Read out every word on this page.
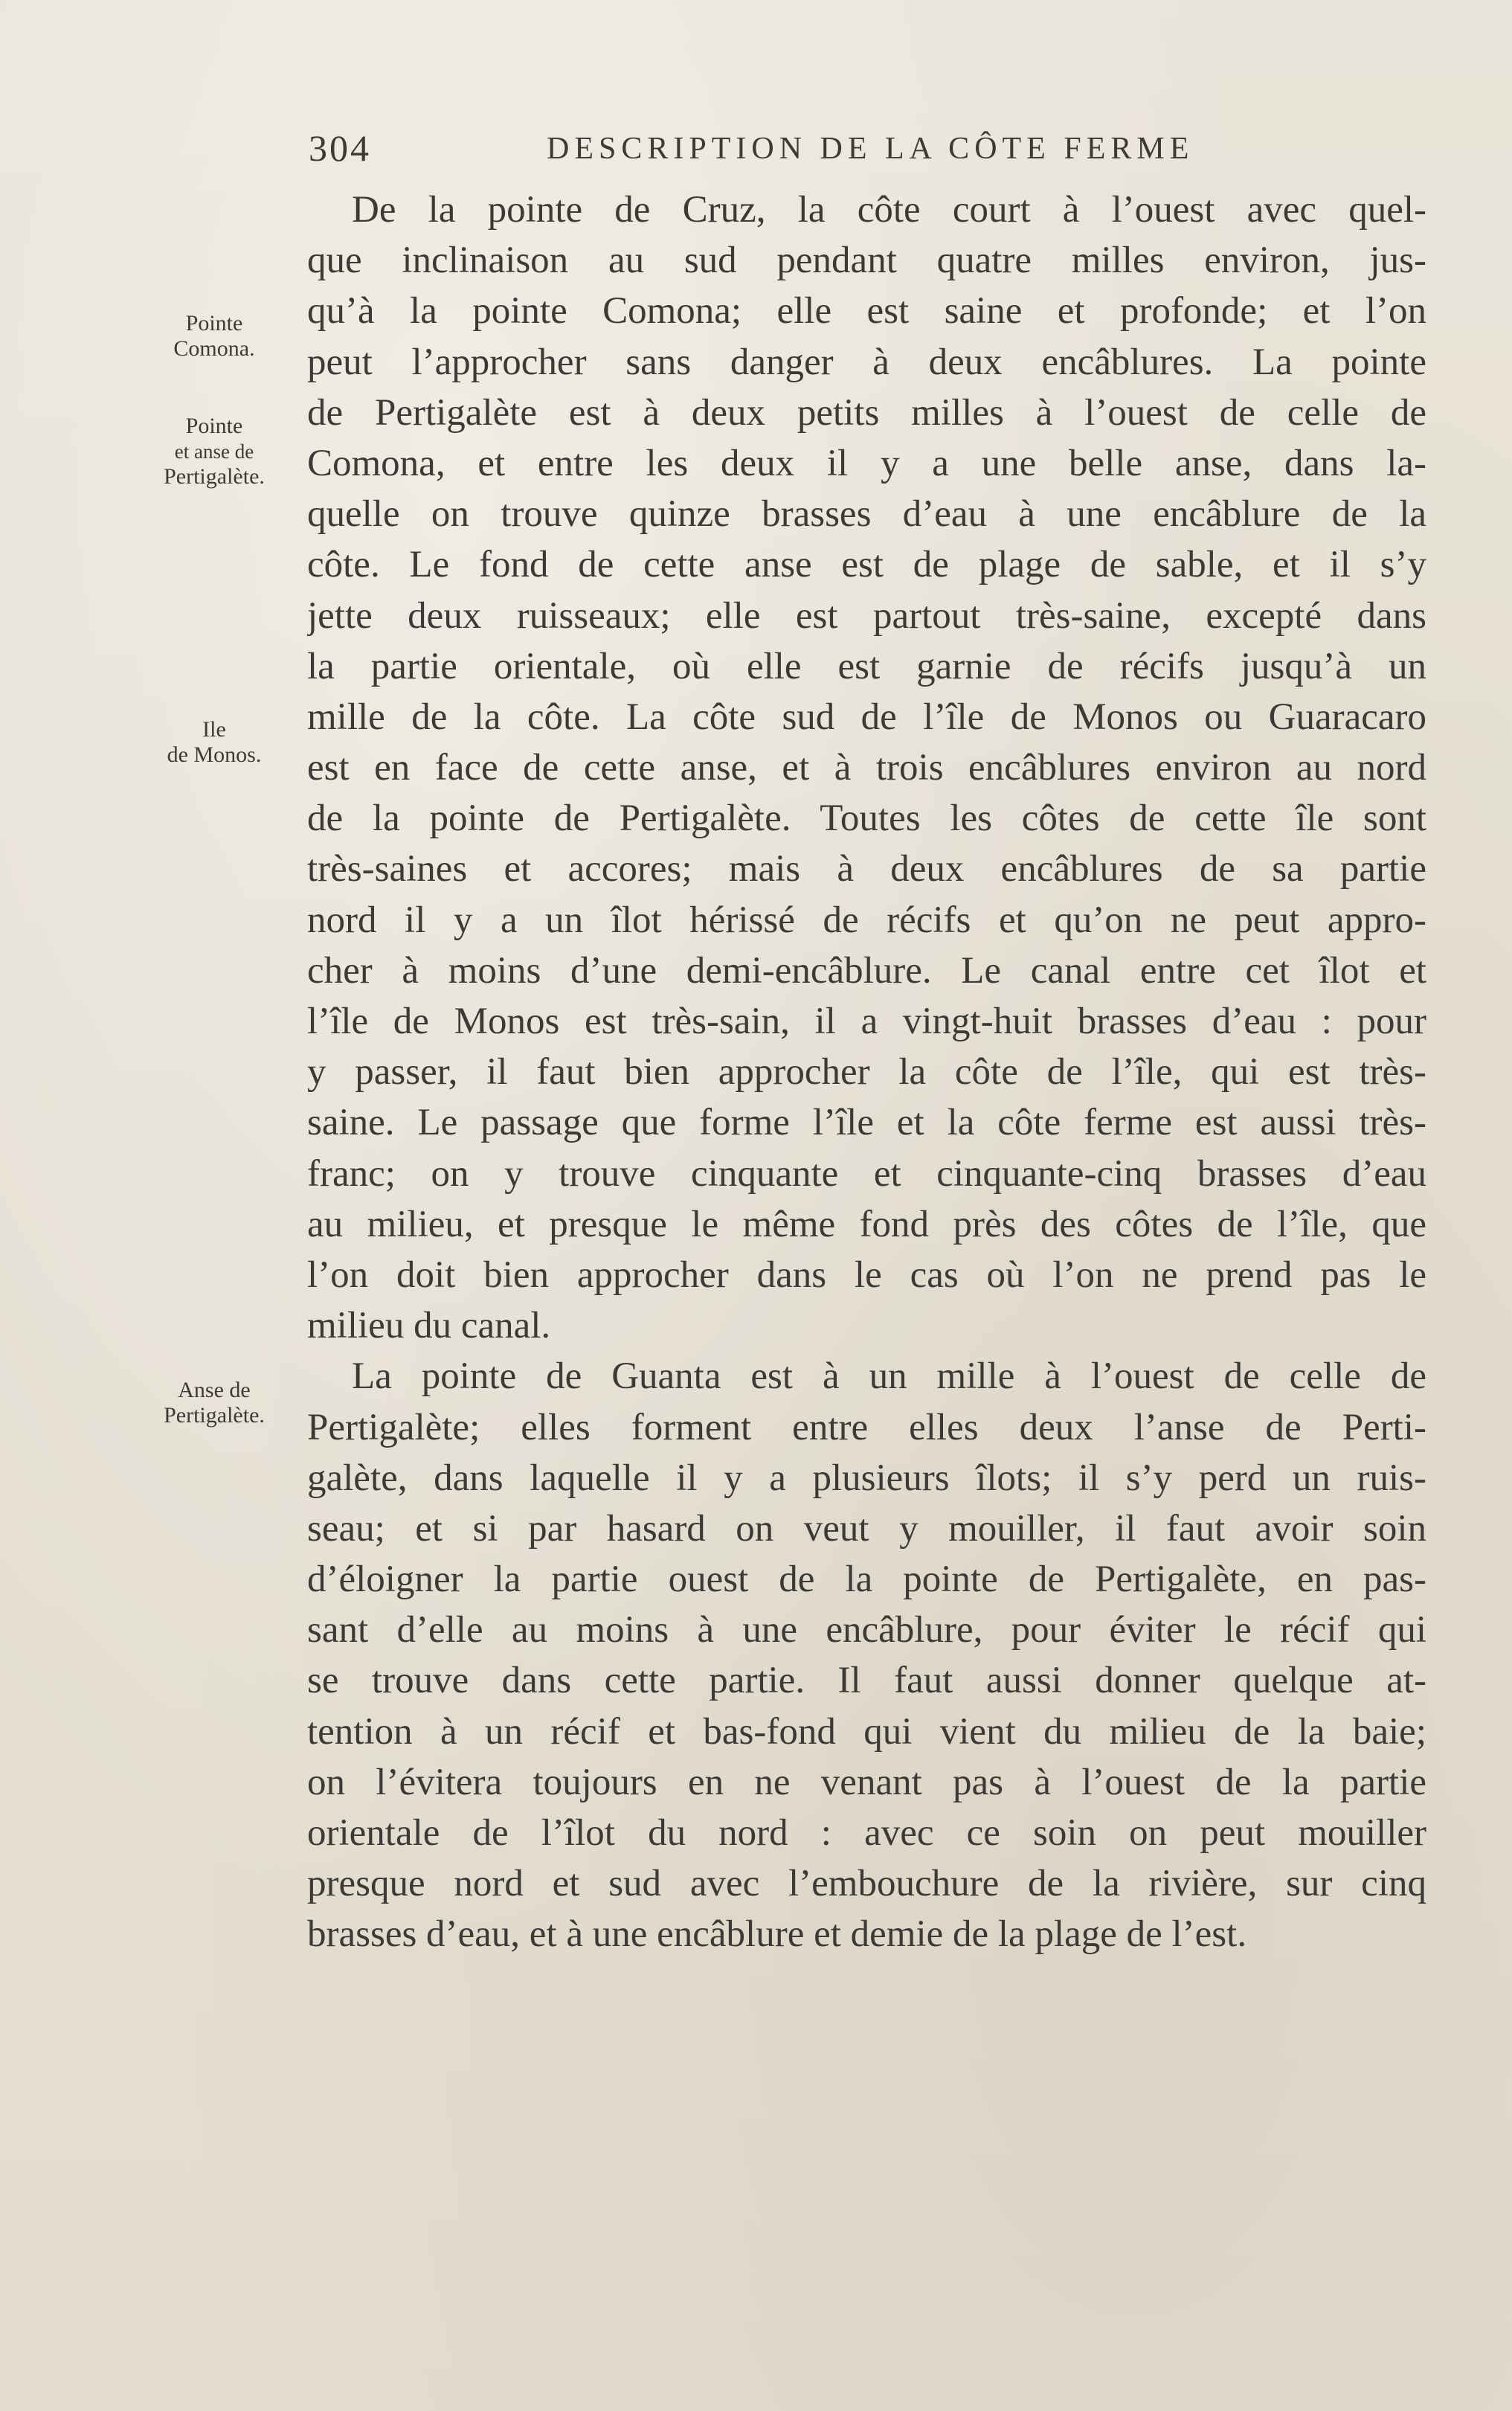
304	DESCRIPTION DE LA CÔTE FERME
Pointe
Comona.
Pointe
et anse de
Pertigalète.
Ile
de Monos.
Anse de
Pertigalète.
De la pointe de Cruz, la côte court à l’ouest avec quel-
que inclinaison au sud pendant quatre milles environ, jus-
qu’à la pointe Comona; elle est saine et profonde; et l’on
peut l’approcher sans danger à deux encâblures. La pointe
de Pertigalète est à deux petits milles à l’ouest de celle de
Comona, et entre les deux il y a une belle anse, dans la-
quelle on trouve quinze brasses d’eau à une encâblure de la
côte. Le fond de cette anse est de plage de sable, et il s’y
jette deux ruisseaux; elle est partout très-saine, excepté dans
la partie orientale, où elle est garnie de récifs jusqu’à un
mille de la côte. La côte sud de l’île de Monos ou Guaracaro
est en face de cette anse, et à trois encâblures environ au nord
de la pointe de Pertigalète. Toutes les côtes de cette île sont
très-saines et accores; mais à deux encâblures de sa partie
nord il y a un îlot hérissé de récifs et qu’on ne peut appro-
cher à moins d’une demi-encâblure. Le canal entre cet îlot et
l’île de Monos est très-sain, il a vingt-huit brasses d’eau : pour
y passer, il faut bien approcher la côte de l’île, qui est très-
saine. Le passage que forme l’île et la côte ferme est aussi très-
franc; on y trouve cinquante et cinquante-cinq brasses d’eau
au milieu, et presque le même fond près des côtes de l’île, que
l’on doit bien approcher dans le cas où l’on ne prend pas le
milieu du canal.
La pointe de Guanta est à un mille à l’ouest de celle de
Pertigalète; elles forment entre elles deux l’anse de Perti-
galète, dans laquelle il y a plusieurs îlots; il s’y perd un ruis-
seau; et si par hasard on veut y mouiller, il faut avoir soin
d’éloigner la partie ouest de la pointe de Pertigalète, en pas-
sant d’elle au moins à une encâblure, pour éviter le récif qui
se trouve dans cette partie. Il faut aussi donner quelque at-
tention à un récif et bas-fond qui vient du milieu de la baie;
on l’évitera toujours en ne venant pas à l’ouest de la partie
orientale de l’îlot du nord : avec ce soin on peut mouiller
presque nord et sud avec l’embouchure de la rivière, sur cinq
brasses d’eau, et à une encâblure et demie de la plage de l’est.
